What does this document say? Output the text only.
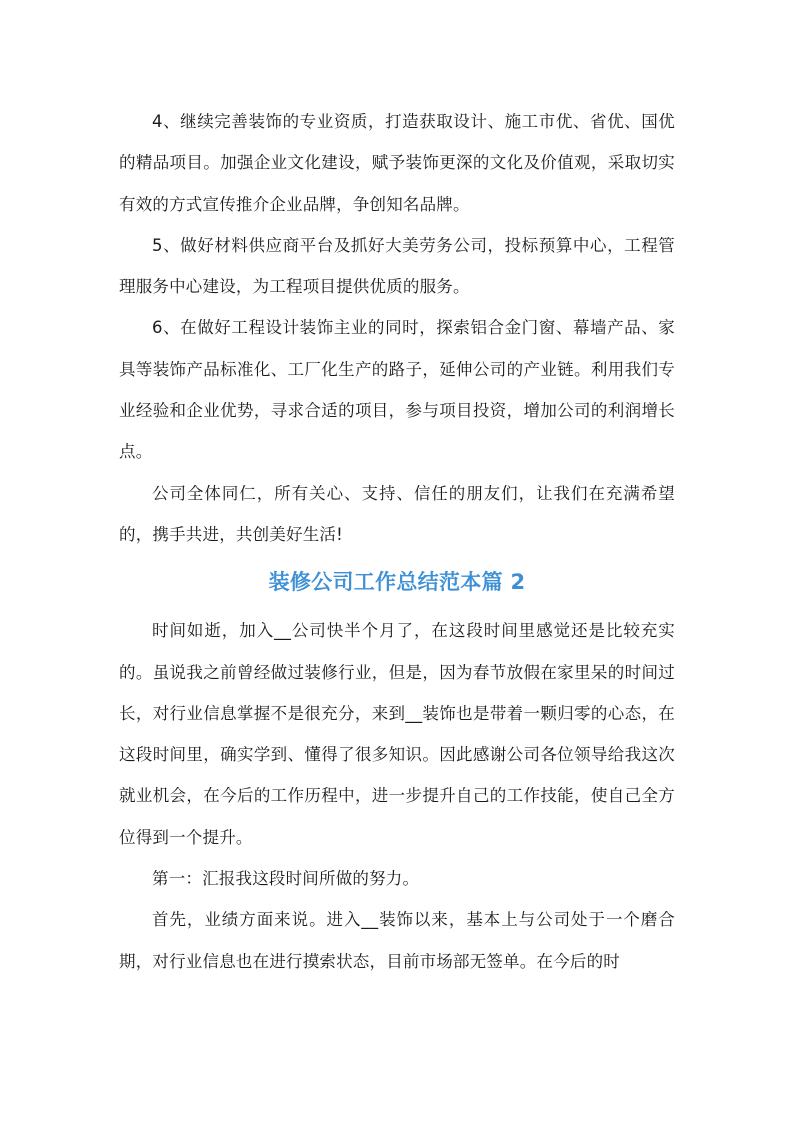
4、继续完善装饰的专业资质，打造获取设计、施工市优、省优、国优的精品项目。加强企业文化建设，赋予装饰更深的文化及价值观，采取切实有效的方式宣传推介企业品牌，争创知名品牌。

5、做好材料供应商平台及抓好大美劳务公司，投标预算中心，工程管理服务中心建设，为工程项目提供优质的服务。

6、在做好工程设计装饰主业的同时，探索铝合金门窗、幕墙产品、家具等装饰产品标准化、工厂化生产的路子，延伸公司的产业链。利用我们专业经验和企业优势，寻求合适的项目，参与项目投资，增加公司的利润增长点。

公司全体同仁，所有关心、支持、信任的朋友们，让我们在充满希望的，携手共进，共创美好生活!

装修公司工作总结范本篇 2

时间如逝，加入__公司快半个月了，在这段时间里感觉还是比较充实的。虽说我之前曾经做过装修行业，但是，因为春节放假在家里呆的时间过长，对行业信息掌握不是很充分，来到__装饰也是带着一颗归零的心态，在这段时间里，确实学到、懂得了很多知识。因此感谢公司各位领导给我这次就业机会，在今后的工作历程中，进一步提升自己的工作技能，使自己全方位得到一个提升。

第一：汇报我这段时间所做的努力。

首先，业绩方面来说。进入__装饰以来，基本上与公司处于一个磨合期，对行业信息也在进行摸索状态，目前市场部无签单。在今后的时
